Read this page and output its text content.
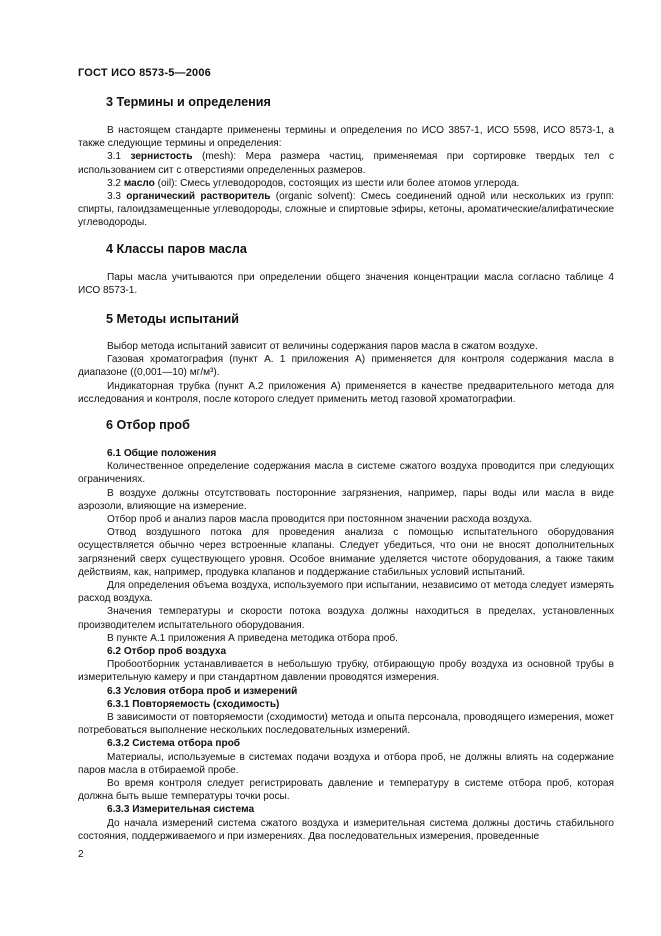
ГОСТ ИСО 8573-5—2006
3 Термины и определения

В настоящем стандарте применены термины и определения по ИСО 3857-1, ИСО 5598, ИСО 8573-1, а также следующие термины и определения:

3.1 зернистость (mesh): Мера размера частиц, применяемая при сортировке твердых тел с использованием сит с отверстиями определенных размеров.

3.2 масло (oil): Смесь углеводородов, состоящих из шести или более атомов углерода.

3.3 органический растворитель (organic solvent): Смесь соединений одной или нескольких из групп: спирты, галоидзамещенные углеводороды, сложные и спиртовые эфиры, кетоны, ароматические/алифатические углеводороды.

4 Классы паров масла

Пары масла учитываются при определении общего значения концентрации масла согласно таблице 4 ИСО 8573-1.

5 Методы испытаний

Выбор метода испытаний зависит от величины содержания паров масла в сжатом воздухе.

Газовая хроматография (пункт А. 1 приложения А) применяется для контроля содержания масла в диапазоне ((0,001—10) мг/м³).

Индикаторная трубка (пункт А.2 приложения А) применяется в качестве предварительного метода для исследования и контроля, после которого следует применить метод газовой хроматографии.

6 Отбор проб

6.1 Общие положения

Количественное определение содержания масла в системе сжатого воздуха проводится при следующих ограничениях.

В воздухе должны отсутствовать посторонние загрязнения, например, пары воды или масла в виде аэрозоли, влияющие на измерение.

Отбор проб и анализ паров масла проводится при постоянном значении расхода воздуха.

Отвод воздушного потока для проведения анализа с помощью испытательного оборудования осуществляется обычно через встроенные клапаны. Следует убедиться, что они не вносят дополнительных загрязнений сверх существующего уровня. Особое внимание уделяется чистоте оборудования, а также таким действиям, как, например, продувка клапанов и поддержание стабильных условий испытаний.

Для определения объема воздуха, используемого при испытании, независимо от метода следует измерять расход воздуха.

Значения температуры и скорости потока воздуха должны находиться в пределах, установленных производителем испытательного оборудования.

В пункте А.1 приложения А приведена методика отбора проб.

6.2 Отбор проб воздуха

Пробоотборник устанавливается в небольшую трубку, отбирающую пробу воздуха из основной трубы в измерительную камеру и при стандартном давлении проводятся измерения.

6.3 Условия отбора проб и измерений

6.3.1 Повторяемость (сходимость)

В зависимости от повторяемости (сходимости) метода и опыта персонала, проводящего измерения, может потребоваться выполнение нескольких последовательных измерений.

6.3.2 Система отбора проб

Материалы, используемые в системах подачи воздуха и отбора проб, не должны влиять на содержание паров масла в отбираемой пробе.

Во время контроля следует регистрировать давление и температуру в системе отбора проб, которая должна быть выше температуры точки росы.

6.3.3 Измерительная система

До начала измерений система сжатого воздуха и измерительная система должны достичь стабильного состояния, поддерживаемого и при измерениях. Два последовательных измерения, проведенные

2
